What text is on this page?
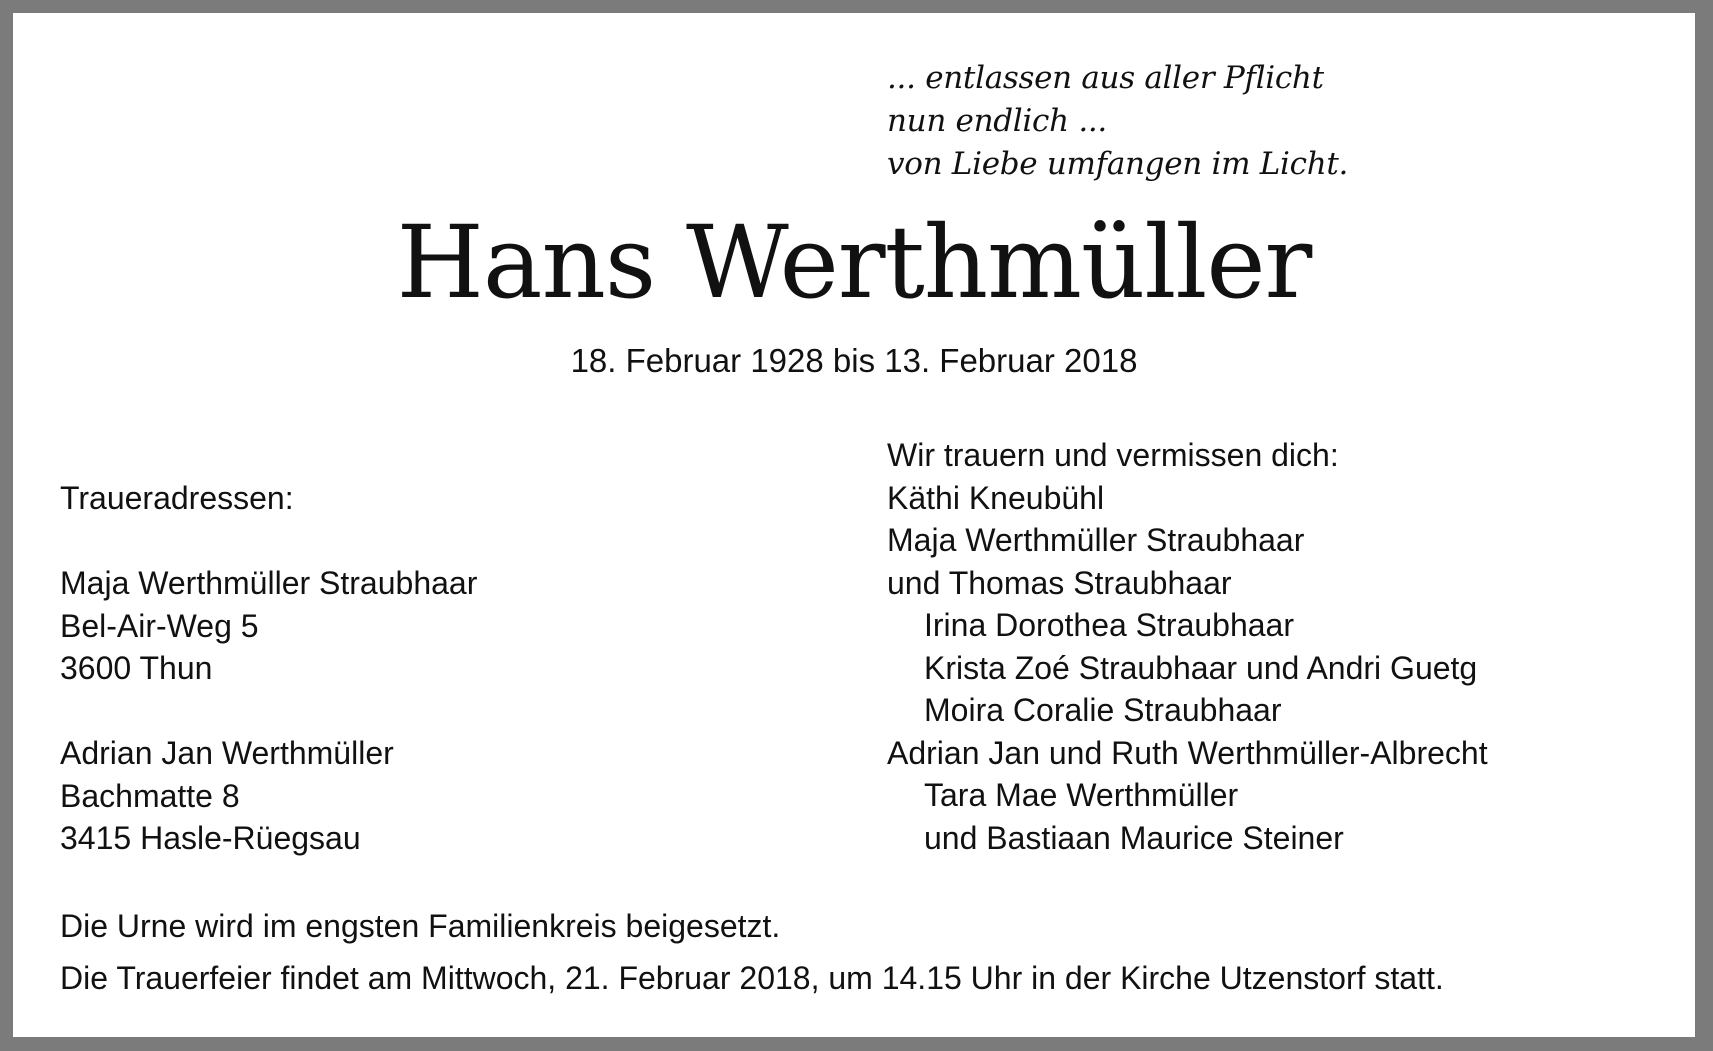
... entlassen aus aller Pflicht
nun endlich ...
von Liebe umfangen im Licht.
Hans Werthmüller
18. Februar 1928 bis 13. Februar 2018
Traueradressen:
Maja Werthmüller Straubhaar
Bel-Air-Weg 5
3600 Thun
Adrian Jan Werthmüller
Bachmatte 8
3415 Hasle-Rüegsau
Wir trauern und vermissen dich:
Käthi Kneubühl
Maja Werthmüller Straubhaar
und Thomas Straubhaar
Irina Dorothea Straubhaar
Krista Zoé Straubhaar und Andri Guetg
Moira Coralie Straubhaar
Adrian Jan und Ruth Werthmüller-Albrecht
Tara Mae Werthmüller
und Bastiaan Maurice Steiner
Die Urne wird im engsten Familienkreis beigesetzt.
Die Trauerfeier findet am Mittwoch, 21. Februar 2018, um 14.15 Uhr in der Kirche Utzenstorf statt.
